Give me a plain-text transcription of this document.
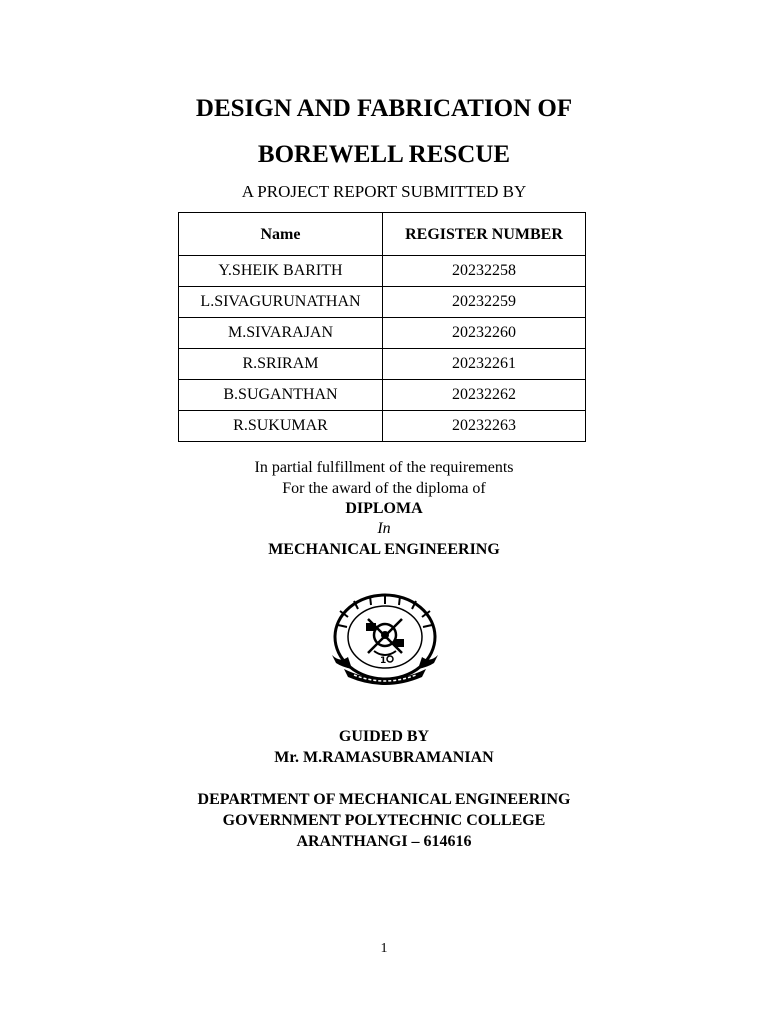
DESIGN AND FABRICATION OF
BOREWELL RESCUE
A PROJECT REPORT SUBMITTED BY
Name	REGISTER NUMBER
Y.SHEIK BARITH	20232258
L.SIVAGURUNATHAN	20232259
M.SIVARAJAN	20232260
R.SRIRAM	20232261
B.SUGANTHAN	20232262
R.SUKUMAR	20232263
In partial fulfillment of the requirements
For the award of the diploma of
DIPLOMA
In
MECHANICAL ENGINEERING
1
GUIDED BY
Mr. M.RAMASUBRAMANIAN
DEPARTMENT OF MECHANICAL ENGINEERING
GOVERNMENT POLYTECHNIC COLLEGE
ARANTHANGI – 614616
1
